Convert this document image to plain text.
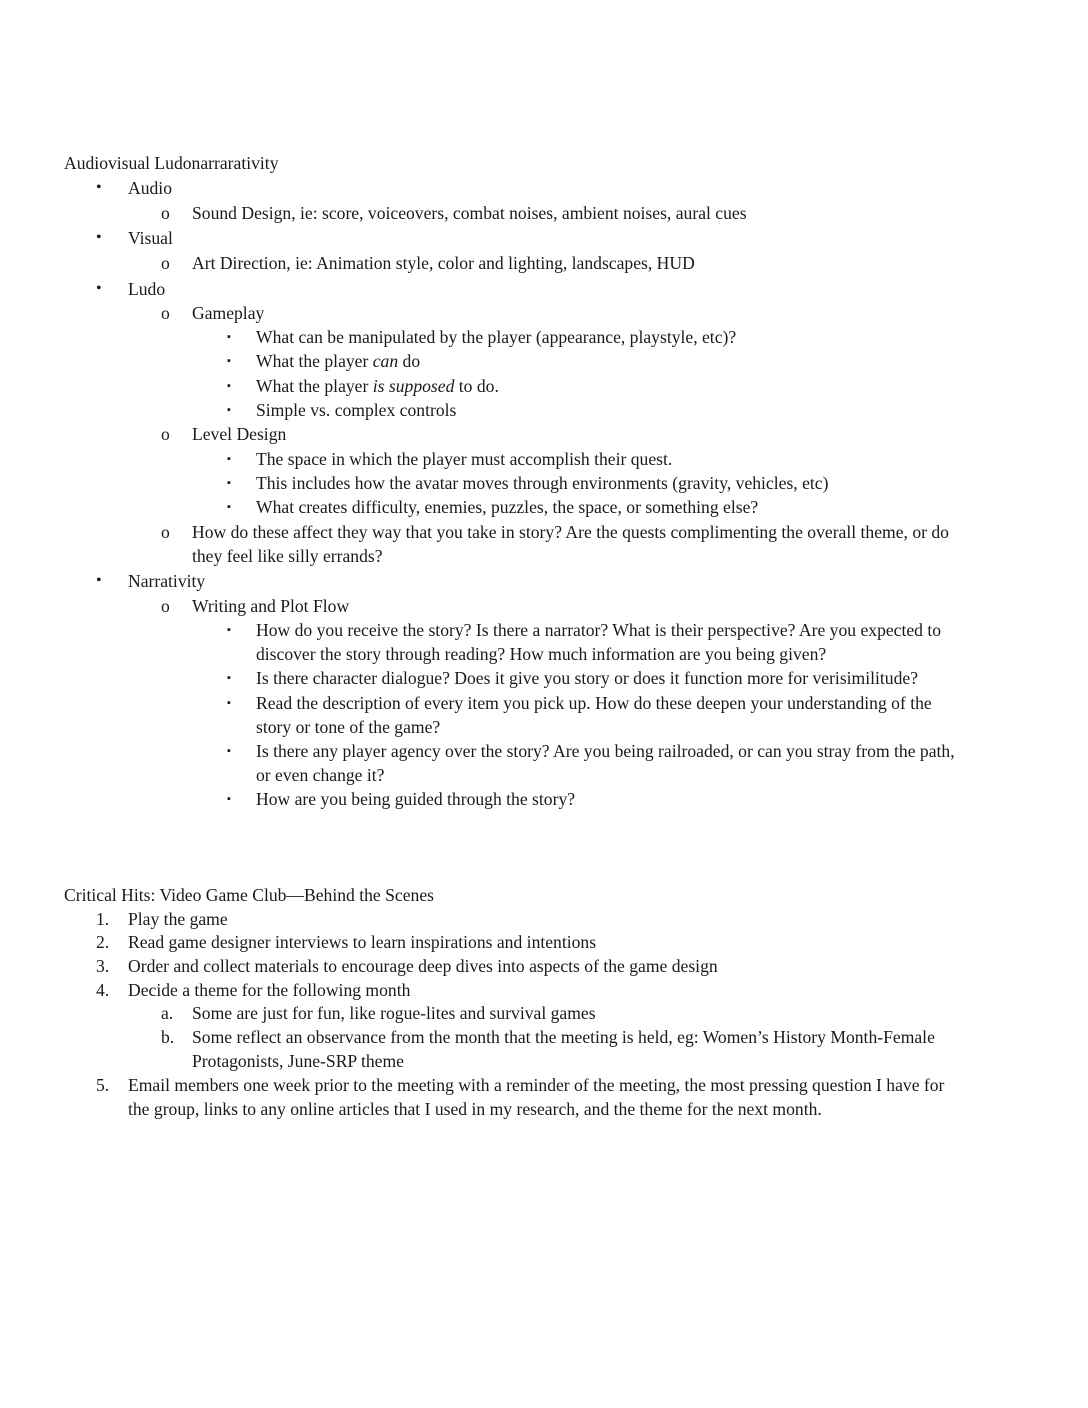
Audiovisual Ludonarrarativity
• Audio
o Sound Design, ie: score, voiceovers, combat noises, ambient noises, aural cues
• Visual
o Art Direction, ie: Animation style, color and lighting, landscapes, HUD
• Ludo
o Gameplay
▪ What can be manipulated by the player (appearance, playstyle, etc)?
▪ What the player can do
▪ What the player is supposed to do.
▪ Simple vs. complex controls
o Level Design
▪ The space in which the player must accomplish their quest.
▪ This includes how the avatar moves through environments (gravity, vehicles, etc)
▪ What creates difficulty, enemies, puzzles, the space, or something else?
o How do these affect they way that you take in story? Are the quests complimenting the overall theme, or do
they feel like silly errands?
• Narrativity
o Writing and Plot Flow
▪ How do you receive the story? Is there a narrator? What is their perspective? Are you expected to
discover the story through reading? How much information are you being given?
▪ Is there character dialogue? Does it give you story or does it function more for verisimilitude?
▪ Read the description of every item you pick up. How do these deepen your understanding of the
story or tone of the game?
▪ Is there any player agency over the story? Are you being railroaded, or can you stray from the path,
or even change it?
▪ How are you being guided through the story?
Critical Hits: Video Game Club—Behind the Scenes
1. Play the game
2. Read game designer interviews to learn inspirations and intentions
3. Order and collect materials to encourage deep dives into aspects of the game design
4. Decide a theme for the following month
a. Some are just for fun, like rogue-lites and survival games
b. Some reflect an observance from the month that the meeting is held, eg: Women’s History Month-Female
Protagonists, June-SRP theme
5. Email members one week prior to the meeting with a reminder of the meeting, the most pressing question I have for
the group, links to any online articles that I used in my research, and the theme for the next month.
